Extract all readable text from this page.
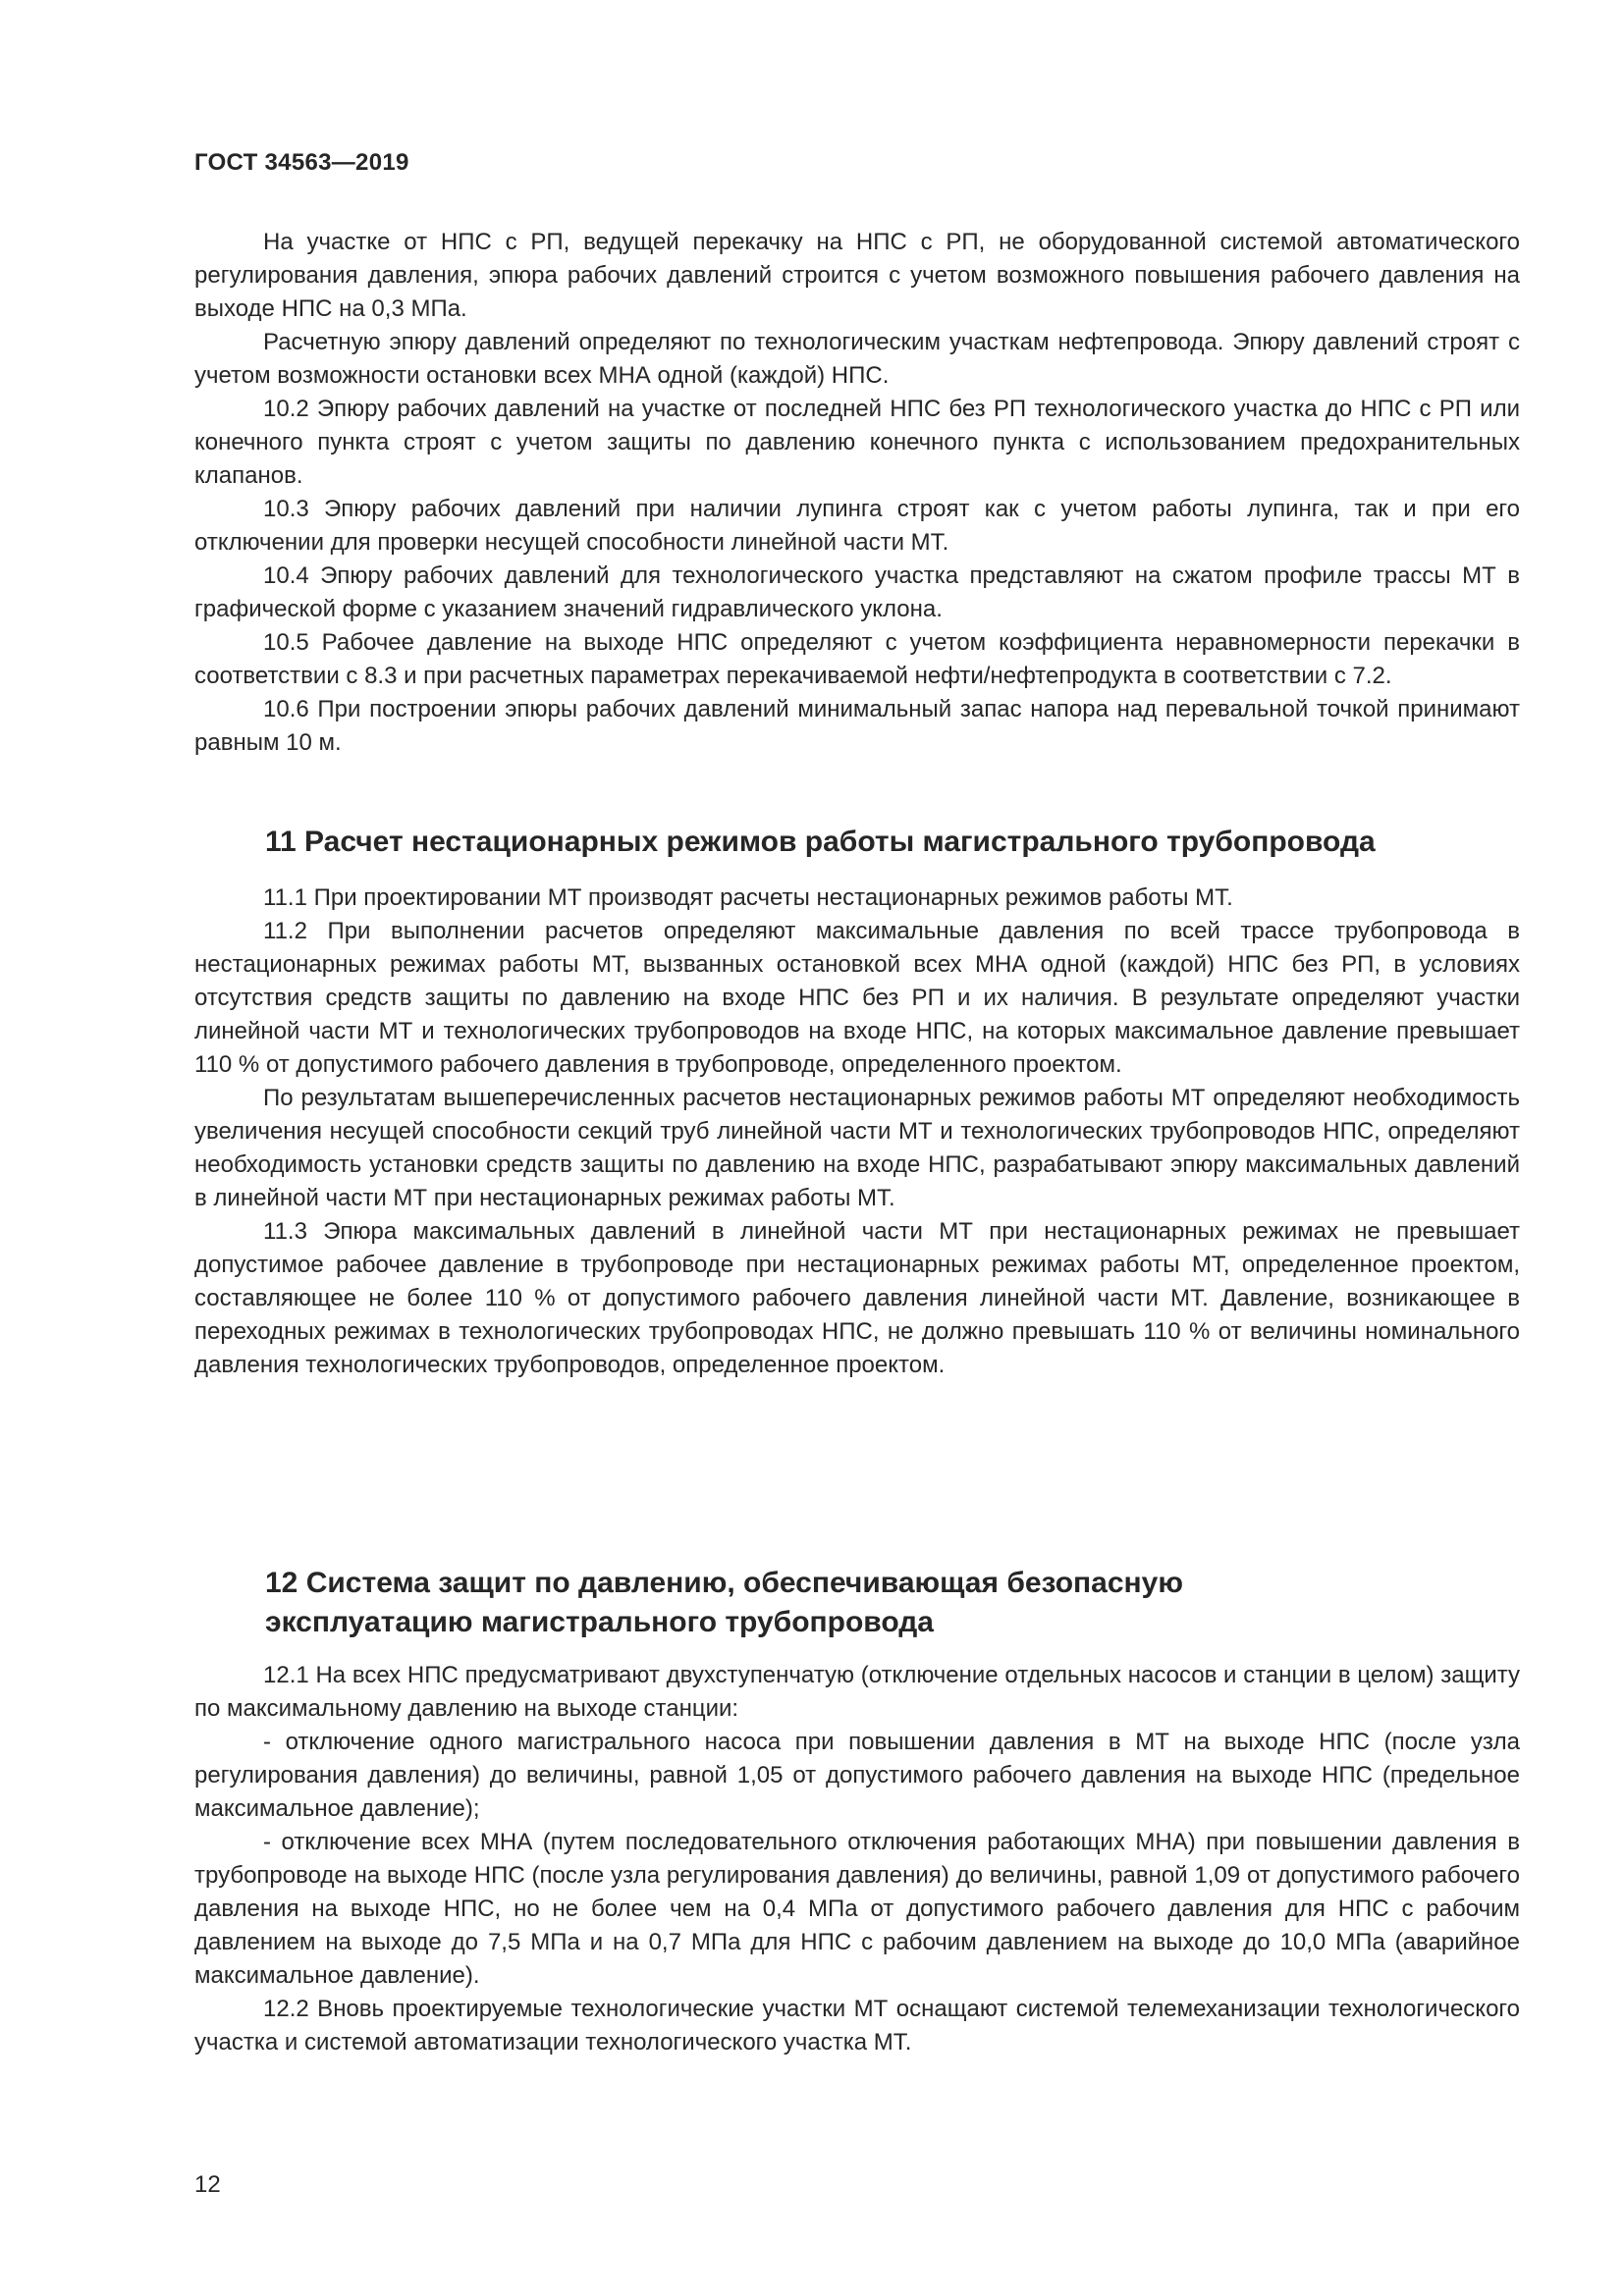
ГОСТ 34563—2019

На участке от НПС с РП, ведущей перекачку на НПС с РП, не оборудованной системой автоматического регулирования давления, эпюра рабочих давлений строится с учетом возможного повышения рабочего давления на выходе НПС на 0,3 МПа.

Расчетную эпюру давлений определяют по технологическим участкам нефтепровода. Эпюру давлений строят с учетом возможности остановки всех МНА одной (каждой) НПС.

10.2 Эпюру рабочих давлений на участке от последней НПС без РП технологического участка до НПС с РП или конечного пункта строят с учетом защиты по давлению конечного пункта с использованием предохранительных клапанов.

10.3 Эпюру рабочих давлений при наличии лупинга строят как с учетом работы лупинга, так и при его отключении для проверки несущей способности линейной части МТ.

10.4 Эпюру рабочих давлений для технологического участка представляют на сжатом профиле трассы МТ в графической форме с указанием значений гидравлического уклона.

10.5 Рабочее давление на выходе НПС определяют с учетом коэффициента неравномерности перекачки в соответствии с 8.3 и при расчетных параметрах перекачиваемой нефти/нефтепродукта в соответствии с 7.2.

10.6 При построении эпюры рабочих давлений минимальный запас напора над перевальной точкой принимают равным 10 м.

11 Расчет нестационарных режимов работы магистрального трубопровода

11.1 При проектировании МТ производят расчеты нестационарных режимов работы МТ.

11.2 При выполнении расчетов определяют максимальные давления по всей трассе трубопровода в нестационарных режимах работы МТ, вызванных остановкой всех МНА одной (каждой) НПС без РП, в условиях отсутствия средств защиты по давлению на входе НПС без РП и их наличия. В результате определяют участки линейной части МТ и технологических трубопроводов на входе НПС, на которых максимальное давление превышает 110 % от допустимого рабочего давления в трубопроводе, определенного проектом.

По результатам вышеперечисленных расчетов нестационарных режимов работы МТ определяют необходимость увеличения несущей способности секций труб линейной части МТ и технологических трубопроводов НПС, определяют необходимость установки средств защиты по давлению на входе НПС, разрабатывают эпюру максимальных давлений в линейной части МТ при нестационарных режимах работы МТ.

11.3 Эпюра максимальных давлений в линейной части МТ при нестационарных режимах не превышает допустимое рабочее давление в трубопроводе при нестационарных режимах работы МТ, определенное проектом, составляющее не более 110 % от допустимого рабочего давления линейной части МТ. Давление, возникающее в переходных режимах в технологических трубопроводах НПС, не должно превышать 110 % от величины номинального давления технологических трубопроводов, определенное проектом.

12 Система защит по давлению, обеспечивающая безопасную
эксплуатацию магистрального трубопровода

12.1 На всех НПС предусматривают двухступенчатую (отключение отдельных насосов и станции в целом) защиту по максимальному давлению на выходе станции:

- отключение одного магистрального насоса при повышении давления в МТ на выходе НПС (после узла регулирования давления) до величины, равной 1,05 от допустимого рабочего давления на выходе НПС (предельное максимальное давление);

- отключение всех МНА (путем последовательного отключения работающих МНА) при повышении давления в трубопроводе на выходе НПС (после узла регулирования давления) до величины, равной 1,09 от допустимого рабочего давления на выходе НПС, но не более чем на 0,4 МПа от допустимого рабочего давления для НПС с рабочим давлением на выходе до 7,5 МПа и на 0,7 МПа для НПС с рабочим давлением на выходе до 10,0 МПа (аварийное максимальное давление).

12.2 Вновь проектируемые технологические участки МТ оснащают системой телемеханизации технологического участка и системой автоматизации технологического участка МТ.

12
